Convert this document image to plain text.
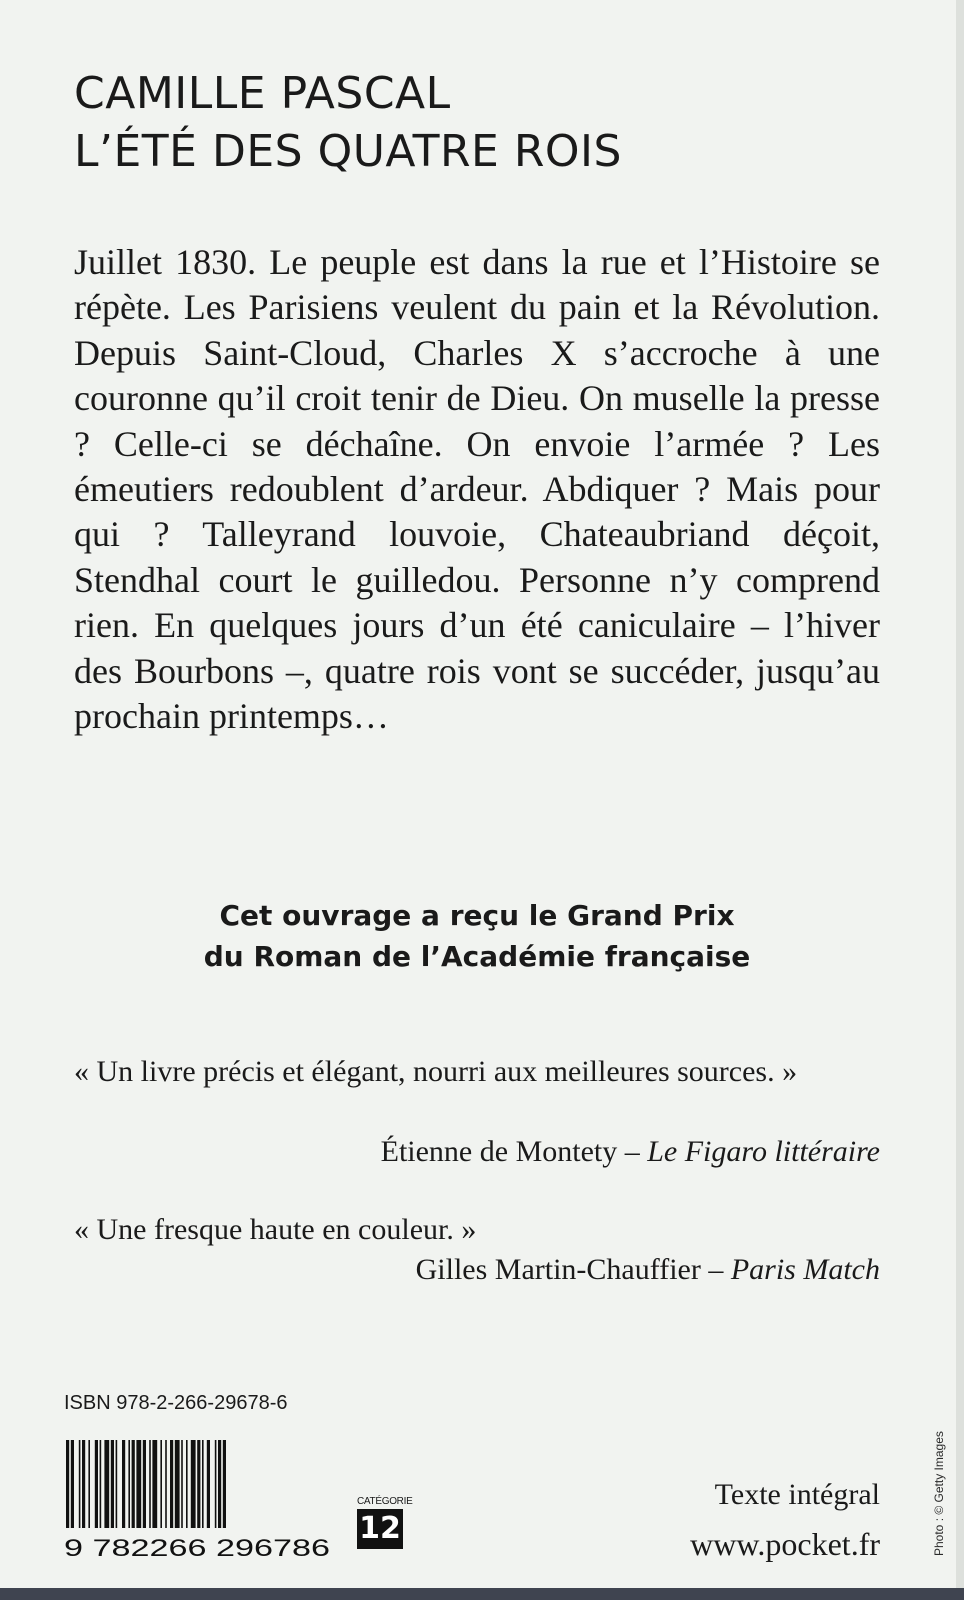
CAMILLE PASCAL
L’ÉTÉ DES QUATRE ROIS

Juillet 1830. Le peuple est dans la rue et l’Histoire se répète. Les Parisiens veulent du pain et la Révolution. Depuis Saint-Cloud, Charles X s’accroche à une couronne qu’il croit tenir de Dieu. On muselle la presse ? Celle-ci se déchaîne. On envoie l’armée ? Les émeutiers redoublent d’ardeur. Abdiquer ? Mais pour qui ? Talleyrand louvoie, Chateaubriand déçoit, Stendhal court le guilledou. Personne n’y comprend rien. En quelques jours d’un été caniculaire – l’hiver des Bourbons –, quatre rois vont se succéder, jusqu’au prochain printemps…

Cet ouvrage a reçu le Grand Prix
du Roman de l’Académie française

« Un livre précis et élégant, nourri aux meilleures sources. »

Étienne de Montety – Le Figaro littéraire

« Une fresque haute en couleur. »

Gilles Martin-Chauffier – Paris Match
ISBN 978-2-266-29678-6
9 782266 296786
CATÉGORIE
12
Texte intégral
www.pocket.fr	Photo : © Getty Images
